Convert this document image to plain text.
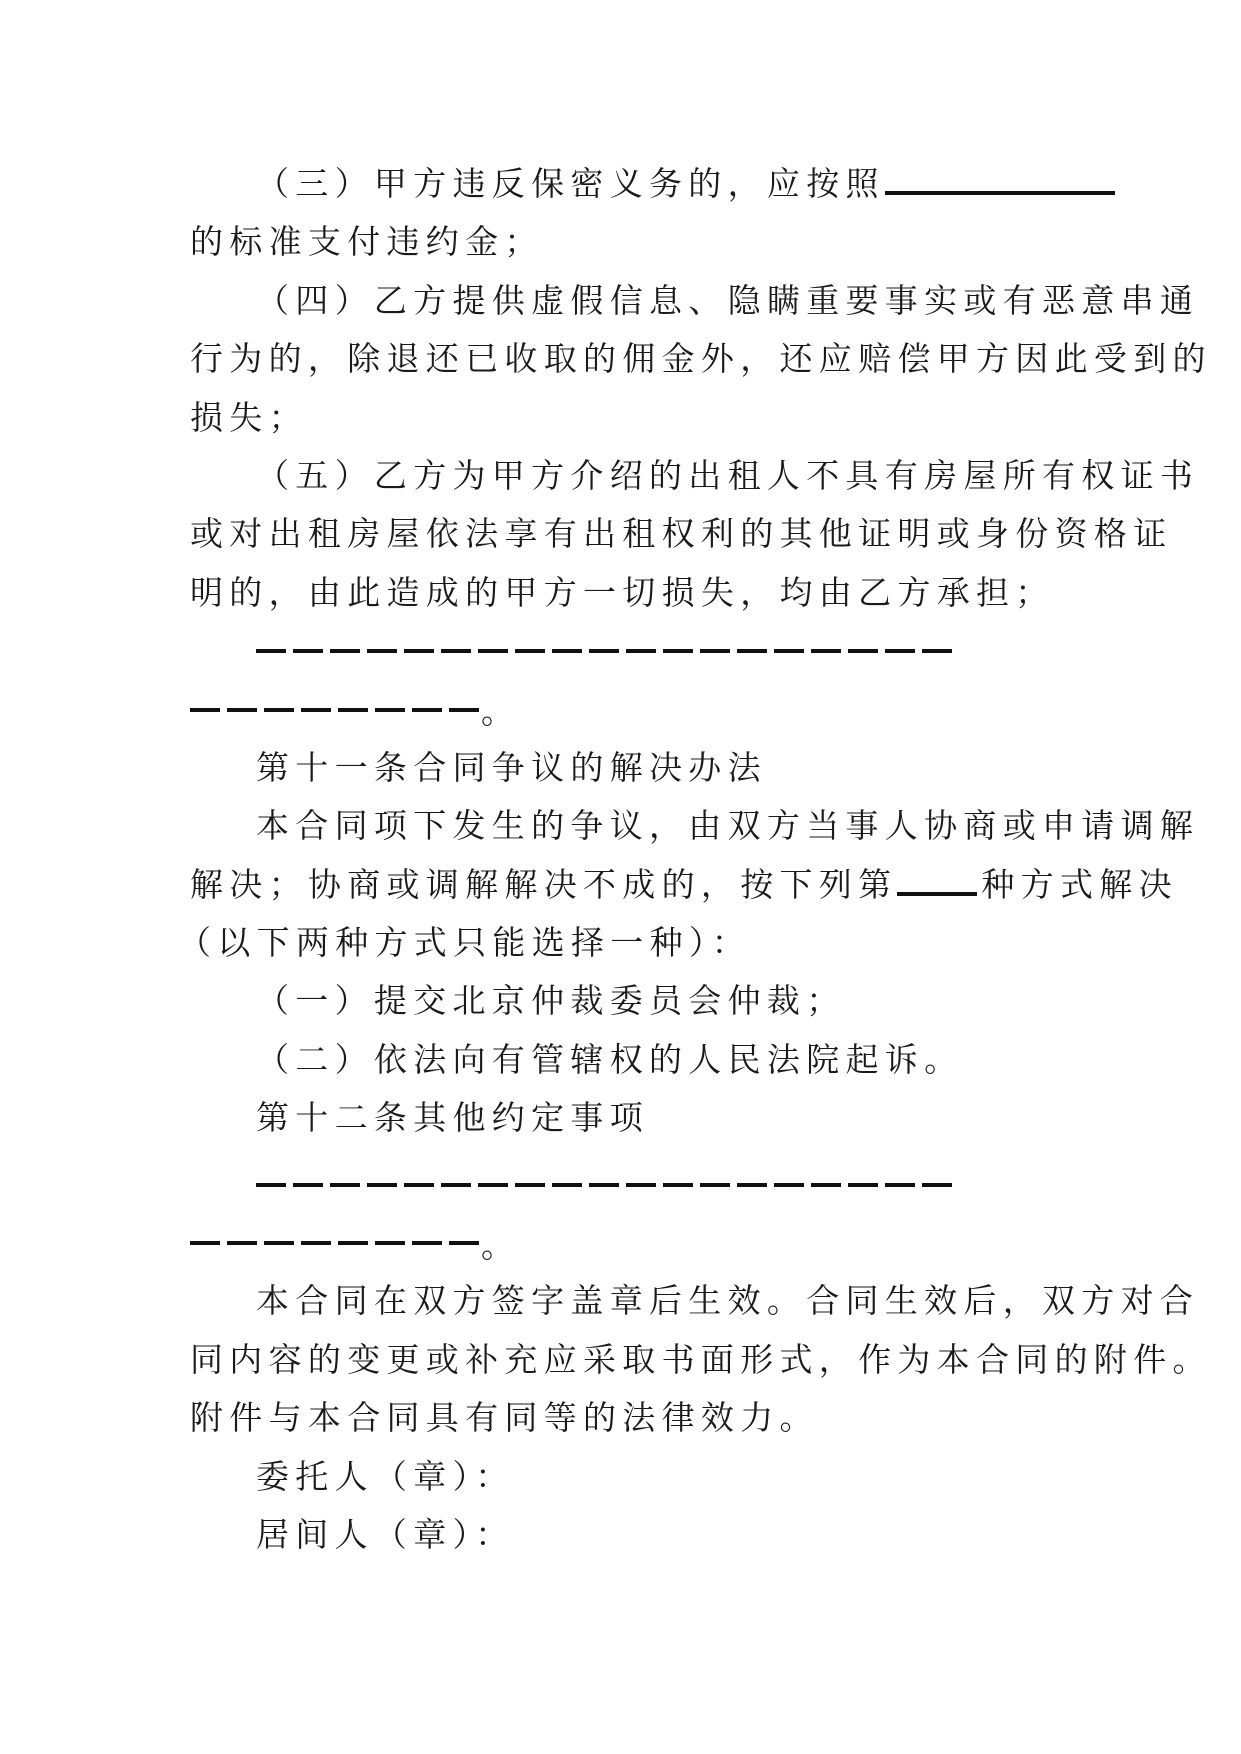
（三）甲方违反保密义务的，应按照
的标准支付违约金；
（四）乙方提供虚假信息、隐瞒重要事实或有恶意串通
行为的，除退还已收取的佣金外，还应赔偿甲方因此受到的
损失；
（五）乙方为甲方介绍的出租人不具有房屋所有权证书
或对出租房屋依法享有出租权利的其他证明或身份资格证
明的，由此造成的甲方一切损失，均由乙方承担；
。
第十一条合同争议的解决办法
本合同项下发生的争议，由双方当事人协商或申请调解
解决；协商或调解解决不成的，按下列第	种方式解决
（以下两种方式只能选择一种）：
（一）提交北京仲裁委员会仲裁；
（二）依法向有管辖权的人民法院起诉。
第十二条其他约定事项
。
本合同在双方签字盖章后生效。合同生效后，双方对合
同内容的变更或补充应采取书面形式，作为本合同的附件。
附件与本合同具有同等的法律效力。
委托人（章）：
居间人（章）：
